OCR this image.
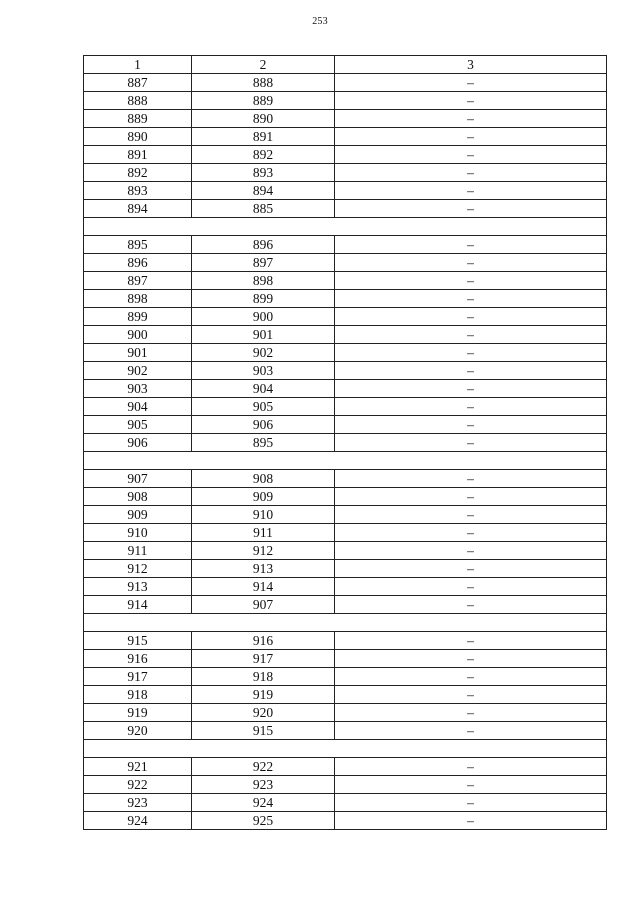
253
1	2	3
887	888	–
888	889	–
889	890	–
890	891	–
891	892	–
892	893	–
893	894	–
894	885	–

895	896	–
896	897	–
897	898	–
898	899	–
899	900	–
900	901	–
901	902	–
902	903	–
903	904	–
904	905	–
905	906	–
906	895	–

907	908	–
908	909	–
909	910	–
910	911	–
911	912	–
912	913	–
913	914	–
914	907	–

915	916	–
916	917	–
917	918	–
918	919	–
919	920	–
920	915	–

921	922	–
922	923	–
923	924	–
924	925	–
